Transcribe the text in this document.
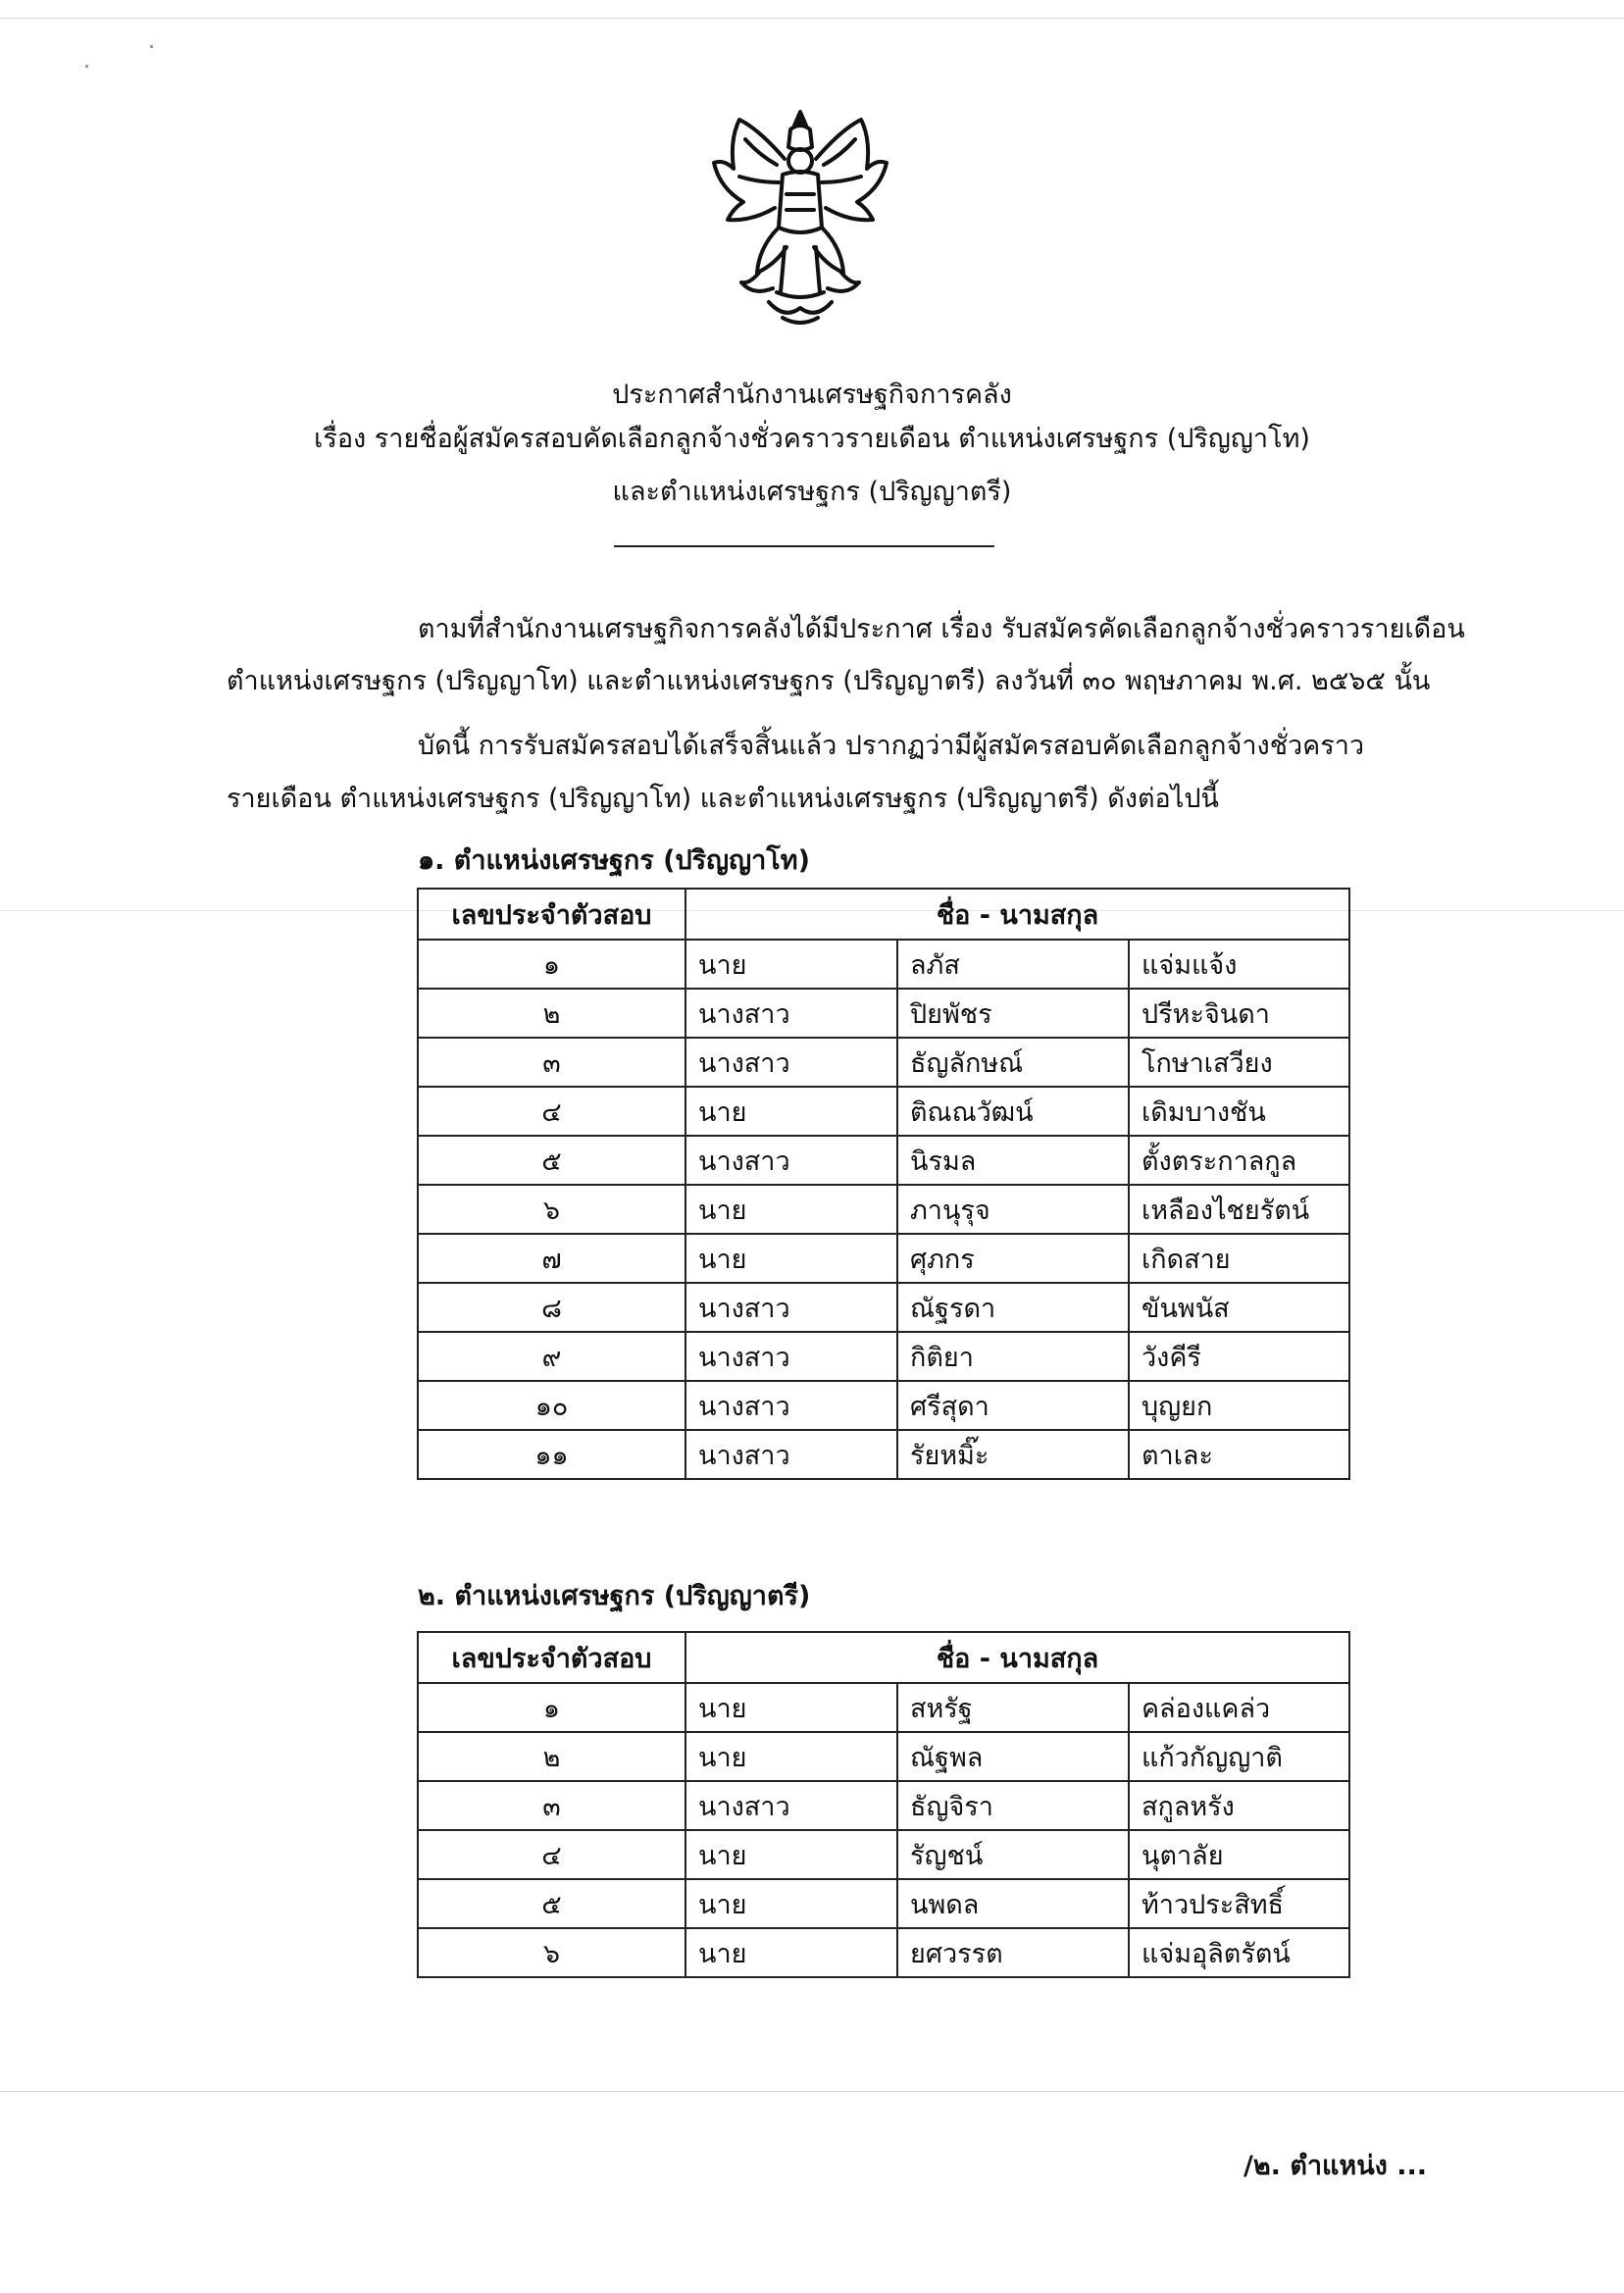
ประกาศสำนักงานเศรษฐกิจการคลัง
เรื่อง รายชื่อผู้สมัครสอบคัดเลือกลูกจ้างชั่วคราวรายเดือน ตำแหน่งเศรษฐกร (ปริญญาโท)
และตำแหน่งเศรษฐกร (ปริญญาตรี)
ตามที่สำนักงานเศรษฐกิจการคลังได้มีประกาศ เรื่อง รับสมัครคัดเลือกลูกจ้างชั่วคราวรายเดือน
ตำแหน่งเศรษฐกร (ปริญญาโท) และตำแหน่งเศรษฐกร (ปริญญาตรี) ลงวันที่ ๓๐ พฤษภาคม พ.ศ. ๒๕๖๕ นั้น
บัดนี้ การรับสมัครสอบได้เสร็จสิ้นแล้ว ปรากฏว่ามีผู้สมัครสอบคัดเลือกลูกจ้างชั่วคราว
รายเดือน ตำแหน่งเศรษฐกร (ปริญญาโท) และตำแหน่งเศรษฐกร (ปริญญาตรี) ดังต่อไปนี้
๑. ตำแหน่งเศรษฐกร (ปริญญาโท)
เลขประจำตัวสอบ	ชื่อ - นามสกุล		
๑	นาย	ลภัส	แจ่มแจ้ง
๒	นางสาว	ปิยพัชร	ปรีหะจินดา
๓	นางสาว	ธัญลักษณ์	โกษาเสวียง
๔	นาย	ติณณวัฒน์	เดิมบางชัน
๕	นางสาว	นิรมล	ตั้งตระกาลกูล
๖	นาย	ภานุรุจ	เหลืองไชยรัตน์
๗	นาย	ศุภกร	เกิดสาย
๘	นางสาว	ณัฐรดา	ขันพนัส
๙	นางสาว	กิติยา	วังคีรี
๑๐	นางสาว	ศรีสุดา	บุญยก
๑๑	นางสาว	รัยหมิ๊ะ	ตาเละ
๒. ตำแหน่งเศรษฐกร (ปริญญาตรี)
เลขประจำตัวสอบ	ชื่อ - นามสกุล		
๑	นาย	สหรัฐ	คล่องแคล่ว
๒	นาย	ณัฐพล	แก้วกัญญาติ
๓	นางสาว	ธัญจิรา	สกูลหรัง
๔	นาย	รัญชน์	นุตาลัย
๕	นาย	นพดล	ท้าวประสิทธิ์
๖	นาย	ยศวรรต	แจ่มอุลิตรัตน์
/๒. ตำแหน่ง ...
